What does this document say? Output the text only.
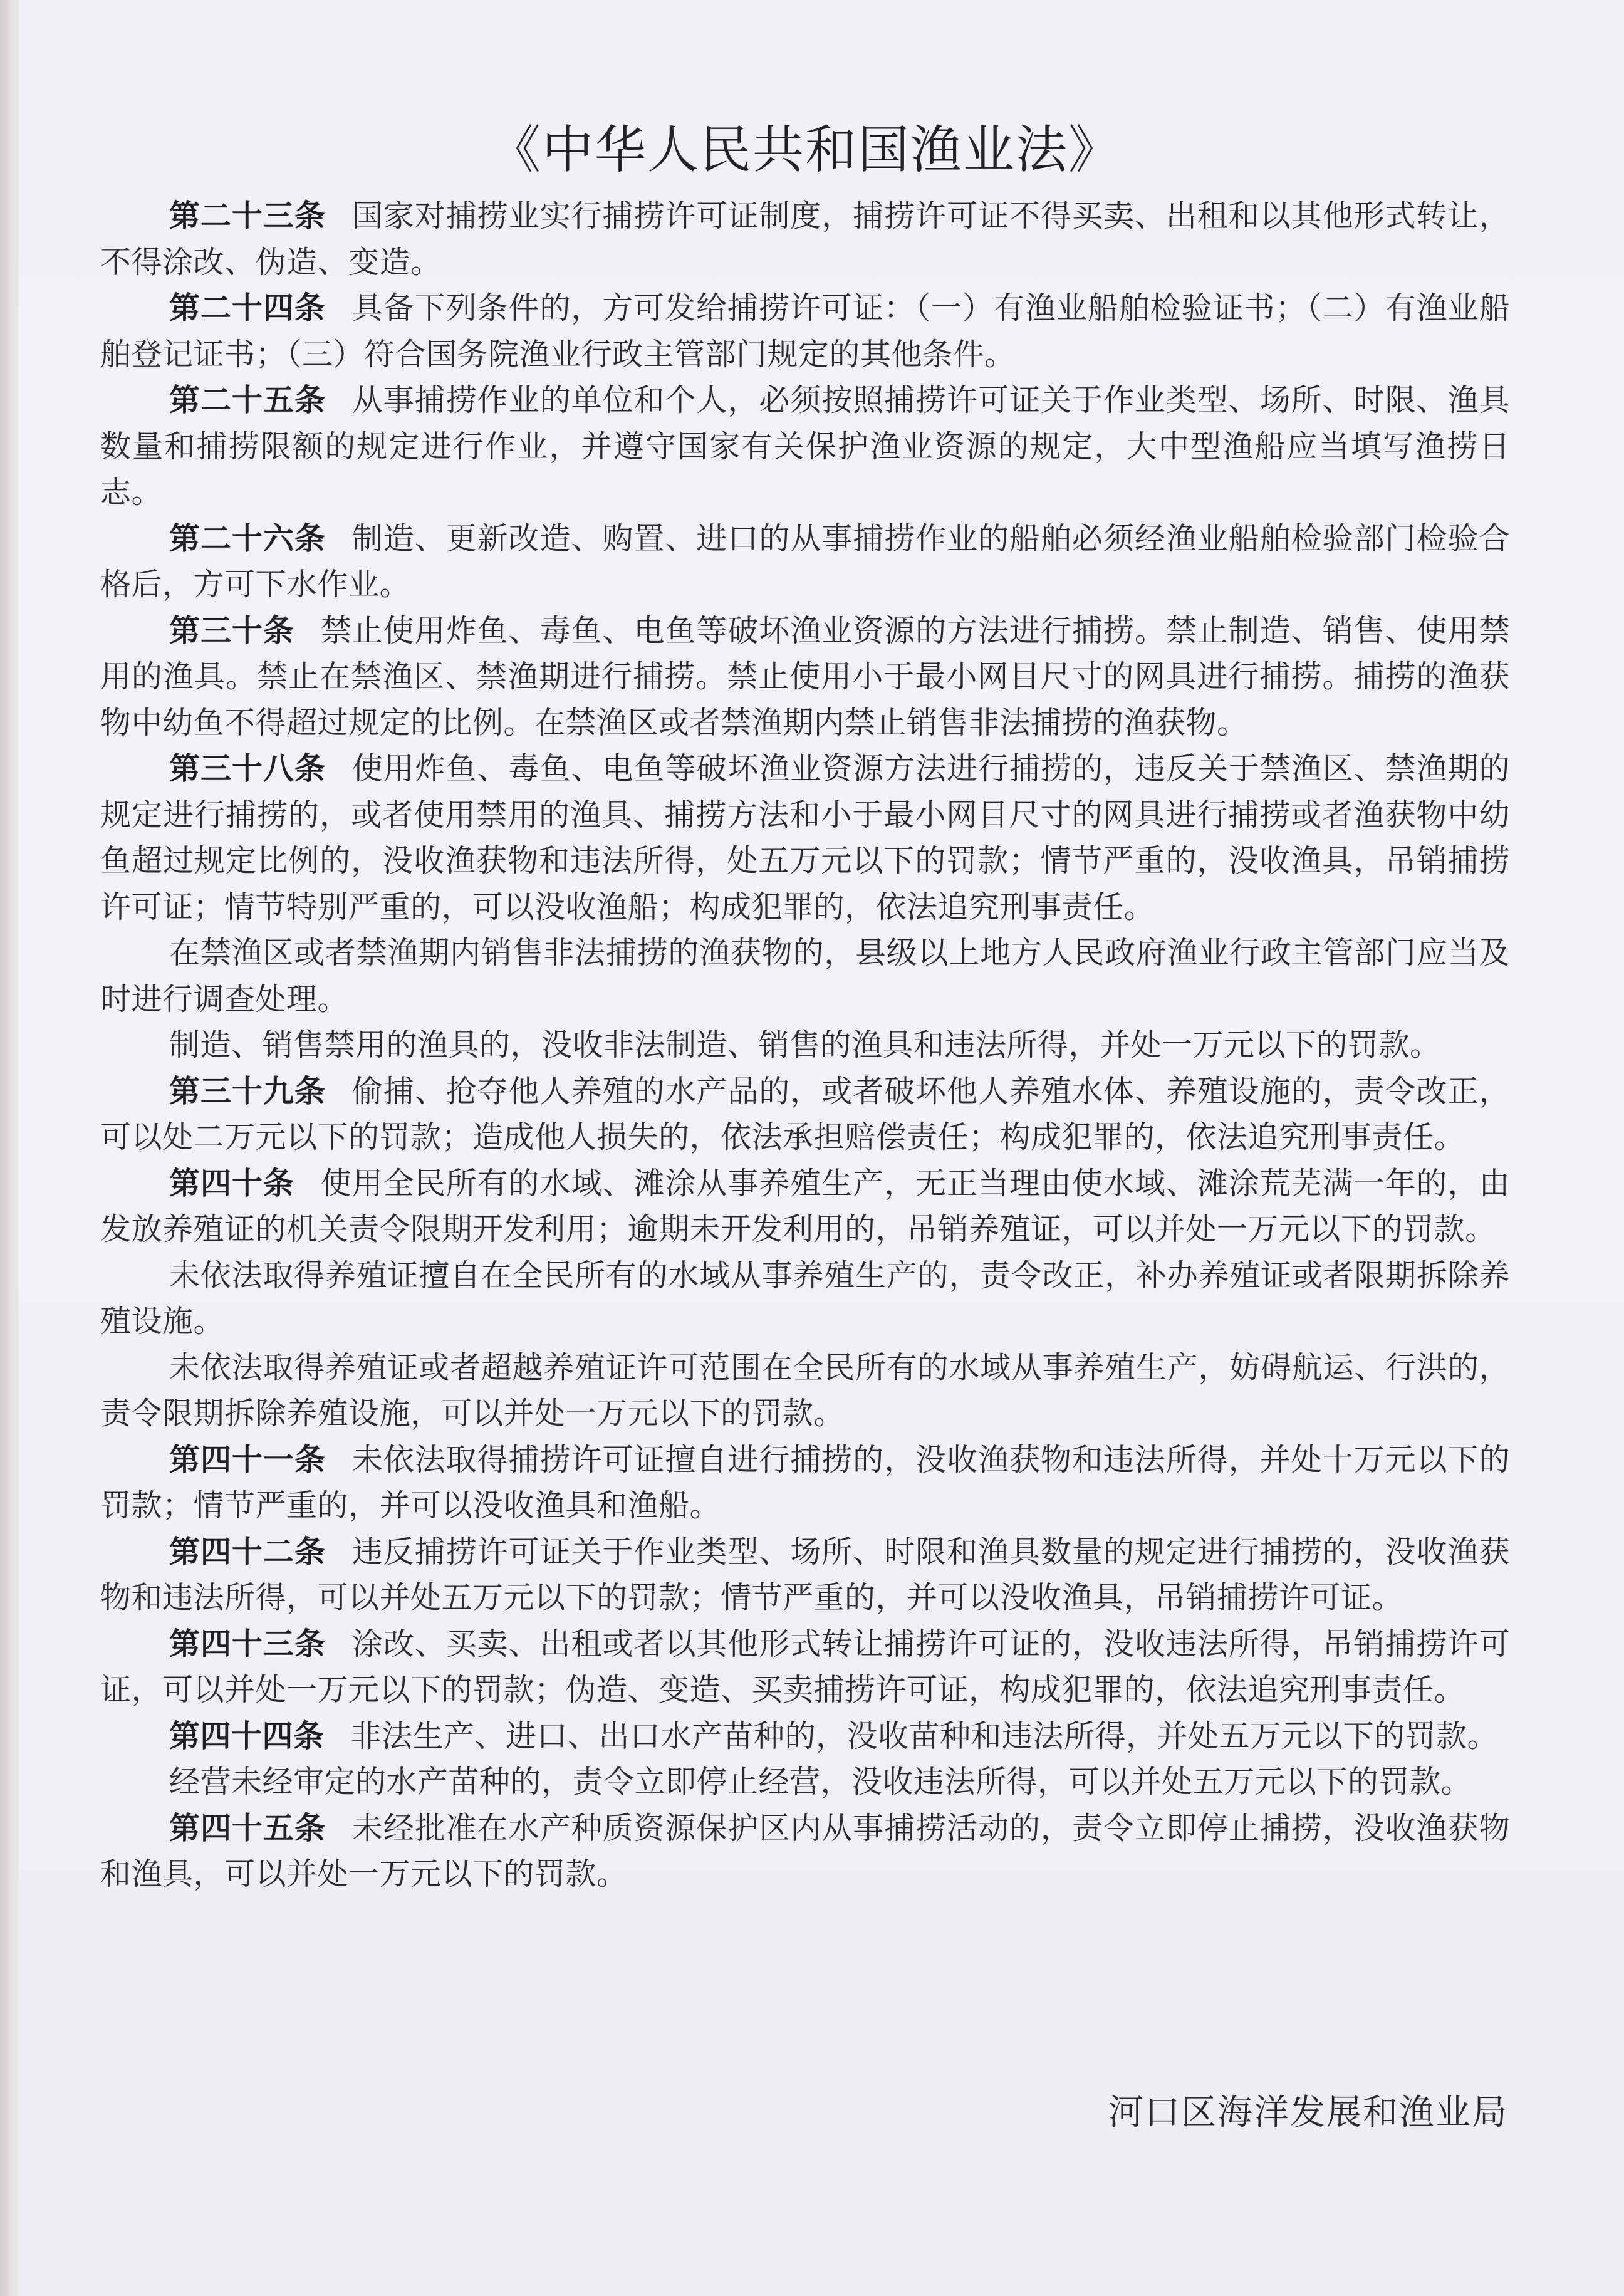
《中华人民共和国渔业法》

第二十三条 国家对捕捞业实行捕捞许可证制度，捕捞许可证不得买卖、出租和以其他形式转让，不得涂改、伪造、变造。

第二十四条 具备下列条件的，方可发给捕捞许可证：（一）有渔业船舶检验证书；（二）有渔业船舶登记证书；（三）符合国务院渔业行政主管部门规定的其他条件。

第二十五条 从事捕捞作业的单位和个人，必须按照捕捞许可证关于作业类型、场所、时限、渔具数量和捕捞限额的规定进行作业，并遵守国家有关保护渔业资源的规定，大中型渔船应当填写渔捞日志。

第二十六条 制造、更新改造、购置、进口的从事捕捞作业的船舶必须经渔业船舶检验部门检验合格后，方可下水作业。

第三十条 禁止使用炸鱼、毒鱼、电鱼等破坏渔业资源的方法进行捕捞。禁止制造、销售、使用禁用的渔具。禁止在禁渔区、禁渔期进行捕捞。禁止使用小于最小网目尺寸的网具进行捕捞。捕捞的渔获物中幼鱼不得超过规定的比例。在禁渔区或者禁渔期内禁止销售非法捕捞的渔获物。

第三十八条 使用炸鱼、毒鱼、电鱼等破坏渔业资源方法进行捕捞的，违反关于禁渔区、禁渔期的规定进行捕捞的，或者使用禁用的渔具、捕捞方法和小于最小网目尺寸的网具进行捕捞或者渔获物中幼鱼超过规定比例的，没收渔获物和违法所得，处五万元以下的罚款；情节严重的，没收渔具，吊销捕捞许可证；情节特别严重的，可以没收渔船；构成犯罪的，依法追究刑事责任。

在禁渔区或者禁渔期内销售非法捕捞的渔获物的，县级以上地方人民政府渔业行政主管部门应当及时进行调查处理。

制造、销售禁用的渔具的，没收非法制造、销售的渔具和违法所得，并处一万元以下的罚款。

第三十九条 偷捕、抢夺他人养殖的水产品的，或者破坏他人养殖水体、养殖设施的，责令改正，可以处二万元以下的罚款；造成他人损失的，依法承担赔偿责任；构成犯罪的，依法追究刑事责任。

第四十条 使用全民所有的水域、滩涂从事养殖生产，无正当理由使水域、滩涂荒芜满一年的，由发放养殖证的机关责令限期开发利用；逾期未开发利用的，吊销养殖证，可以并处一万元以下的罚款。

未依法取得养殖证擅自在全民所有的水域从事养殖生产的，责令改正，补办养殖证或者限期拆除养殖设施。

未依法取得养殖证或者超越养殖证许可范围在全民所有的水域从事养殖生产，妨碍航运、行洪的，责令限期拆除养殖设施，可以并处一万元以下的罚款。

第四十一条 未依法取得捕捞许可证擅自进行捕捞的，没收渔获物和违法所得，并处十万元以下的罚款；情节严重的，并可以没收渔具和渔船。

第四十二条 违反捕捞许可证关于作业类型、场所、时限和渔具数量的规定进行捕捞的，没收渔获物和违法所得，可以并处五万元以下的罚款；情节严重的，并可以没收渔具，吊销捕捞许可证。

第四十三条 涂改、买卖、出租或者以其他形式转让捕捞许可证的，没收违法所得，吊销捕捞许可证，可以并处一万元以下的罚款；伪造、变造、买卖捕捞许可证，构成犯罪的，依法追究刑事责任。

第四十四条 非法生产、进口、出口水产苗种的，没收苗种和违法所得，并处五万元以下的罚款。

经营未经审定的水产苗种的，责令立即停止经营，没收违法所得，可以并处五万元以下的罚款。

第四十五条 未经批准在水产种质资源保护区内从事捕捞活动的，责令立即停止捕捞，没收渔获物和渔具，可以并处一万元以下的罚款。

河口区海洋发展和渔业局
